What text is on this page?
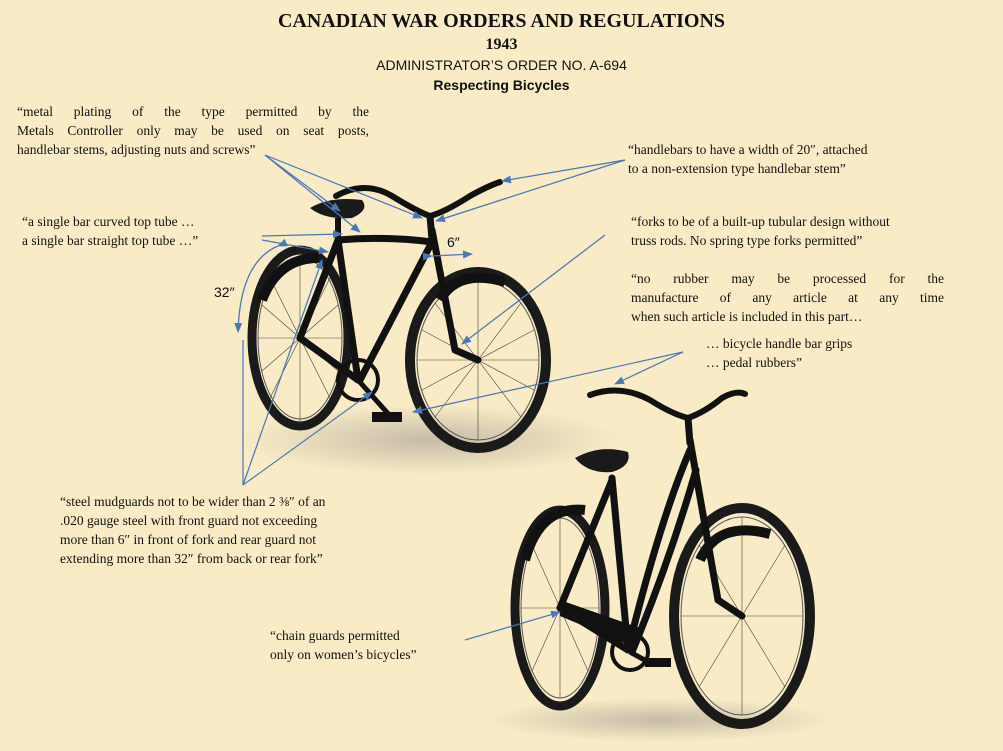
CANADIAN WAR ORDERS AND REGULATIONS
1943
ADMINISTRATOR’S ORDER NO. A-694
Respecting Bicycles
“metal plating of the type permitted by the
Metals Controller only may be used on seat posts,
handlebar stems, adjusting nuts and screws”
“a single bar curved top tube …
a single bar straight top tube …”
“handlebars to have a width of 20″, attached
to a non-extension type handlebar stem”
“forks to be of a built-up tubular design without
truss rods. No spring type forks permitted”
“no rubber may be processed for the
manufacture of any article at any time
when such article is included in this part…
… bicycle handle bar grips
… pedal rubbers”
“steel mudguards not to be wider than 2 ⅜″ of an
.020 gauge steel with front guard not exceeding
more than 6″ in front of fork and rear guard not
extending more than 32″ from back or rear fork”
“chain guards permitted
only on women’s bicycles”
6″
32″
